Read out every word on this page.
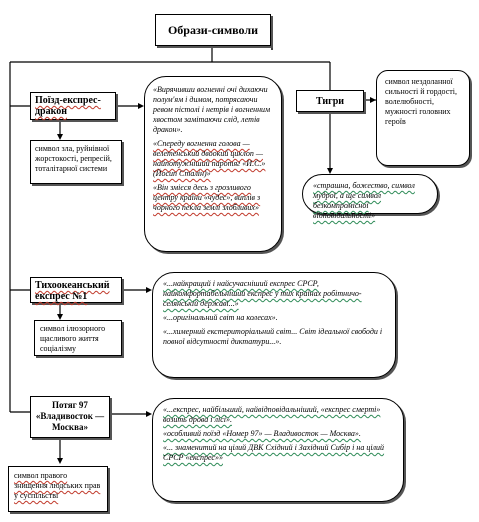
Образи-символи
Поїзд-експрес-дракон
символ зла, руйнівної жорстокості, репресій, тоталітарної системи

«Вирячивши вогненні очі дихаючи полум'ям і димом, потрясаючи ревом пістолі і нетрів і вогненним хвостом замітаючи слід, летів дракон».

«Спереду вогненна голова — велетенський двоокий циклоп — найпотужніший паротяг «И.С.» (Йосип Сталін)»

«Він змієся десь з грозливого центру країни «чудес», виплів з чорного пекла землі злобливих»

Тигри
символ нездоланної сильності й гордості, волелюбності, мужності головних героїв
«страшна, божество, символ мудрої, а ще символ безкомпромісної відповідальності»
Тихоокеанський експрес №1
символ ілюзорного щасливого життя соціалізму

«...найкращий і найсучасніший експрес СРСР, найкомфортабельніший експрес у тих країнах робітничо-селянській державі...»

«...оригінальний світ на колесах».

«...химерний екстериторіальний світ... Світ ідеальної свободи і повної відсутності диктатури...».

Потяг 97 «Владивосток — Москва»
символ правого знищення людських прав у суспільстві

«...експрес, найбільший, найвідповідальніший, «експрес смерті» возить дрова і лісі».

«особливий поїзд «Номер 97» — Владивосток — Москва».

«... знаменитий на цілий ДВК Східний і Західний Сибір і на цілий СРСР «експрес»»
